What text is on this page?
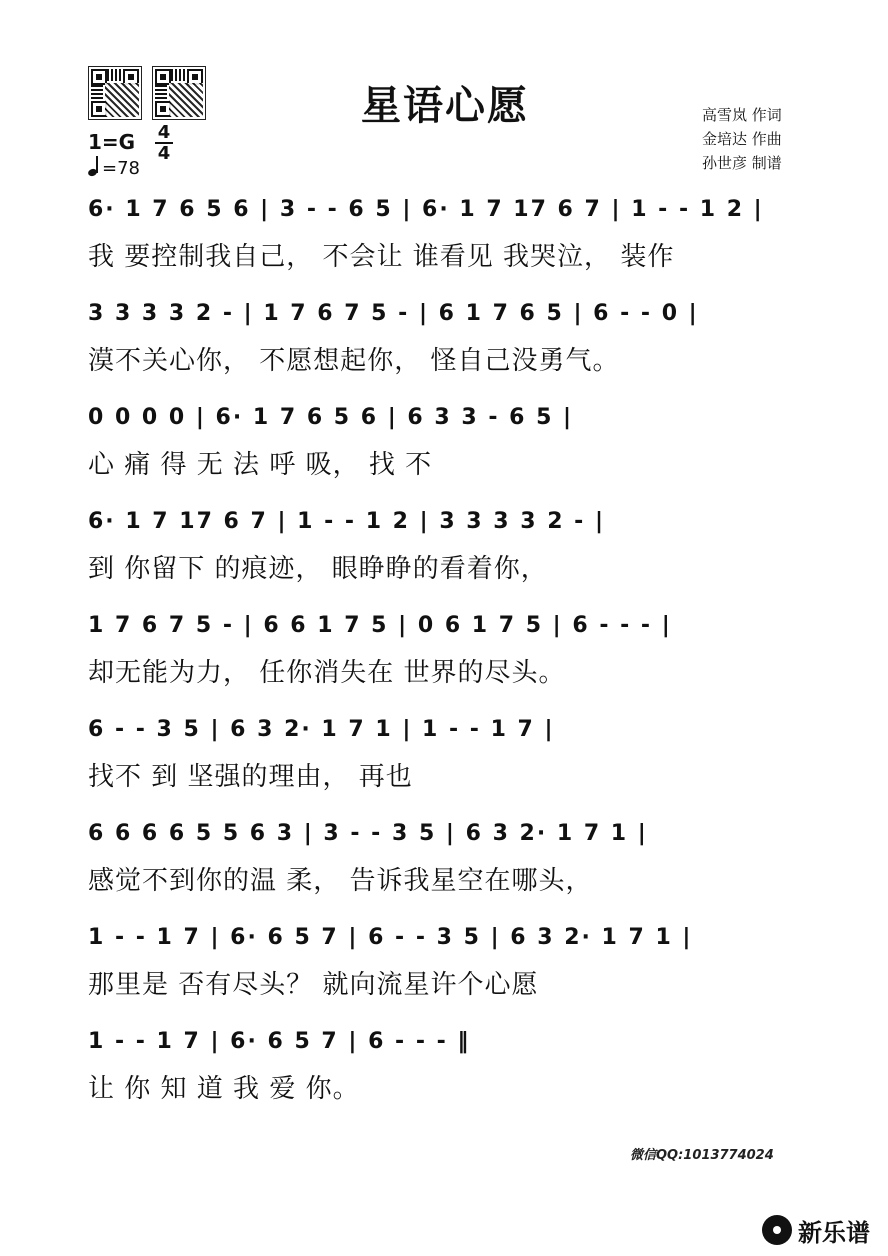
星语心愿	高雪岚 作词
金培达 作曲
孙世彦 制谱
1=G 4
4
=78
6· 1 7 6 5 6 | 3 - - 6 5 | 6· 1 7 17 6 7 | 1 - - 1 2 |
我 要控制我自己， 不会让 谁看见 我哭泣， 装作
3 3 3 3 2 - | 1 7 6 7 5 - | 6 1 7 6 5 | 6 - - 0 |
漠不关心你， 不愿想起你， 怪自己没勇气。
0 0 0 0 | 6· 1 7 6 5 6 | 6 3 3 - 6 5 |
心 痛 得 无 法 呼 吸， 找 不
6· 1 7 17 6 7 | 1 - - 1 2 | 3 3 3 3 2 - |
到 你留下 的痕迹， 眼睁睁的看着你，
1 7 6 7 5 - | 6 6 1 7 5 | 0 6 1 7 5 | 6 - - - |
却无能为力， 任你消失在 世界的尽头。
6 - - 3 5 | 6 3 2· 1 7 1 | 1 - - 1 7 |
找不 到 坚强的理由， 再也
6 6 6 6 5 5 6 3 | 3 - - 3 5 | 6 3 2· 1 7 1 |
感觉不到你的温 柔， 告诉我星空在哪头，
1 - - 1 7 | 6· 6 5 7 | 6 - - 3 5 | 6 3 2· 1 7 1 |
那里是 否有尽头？ 就向流星许个心愿
1 - - 1 7 | 6· 6 5 7 | 6 - - - ‖
让 你 知 道 我 爱 你。
微信QQ:1013774024
新乐谱
